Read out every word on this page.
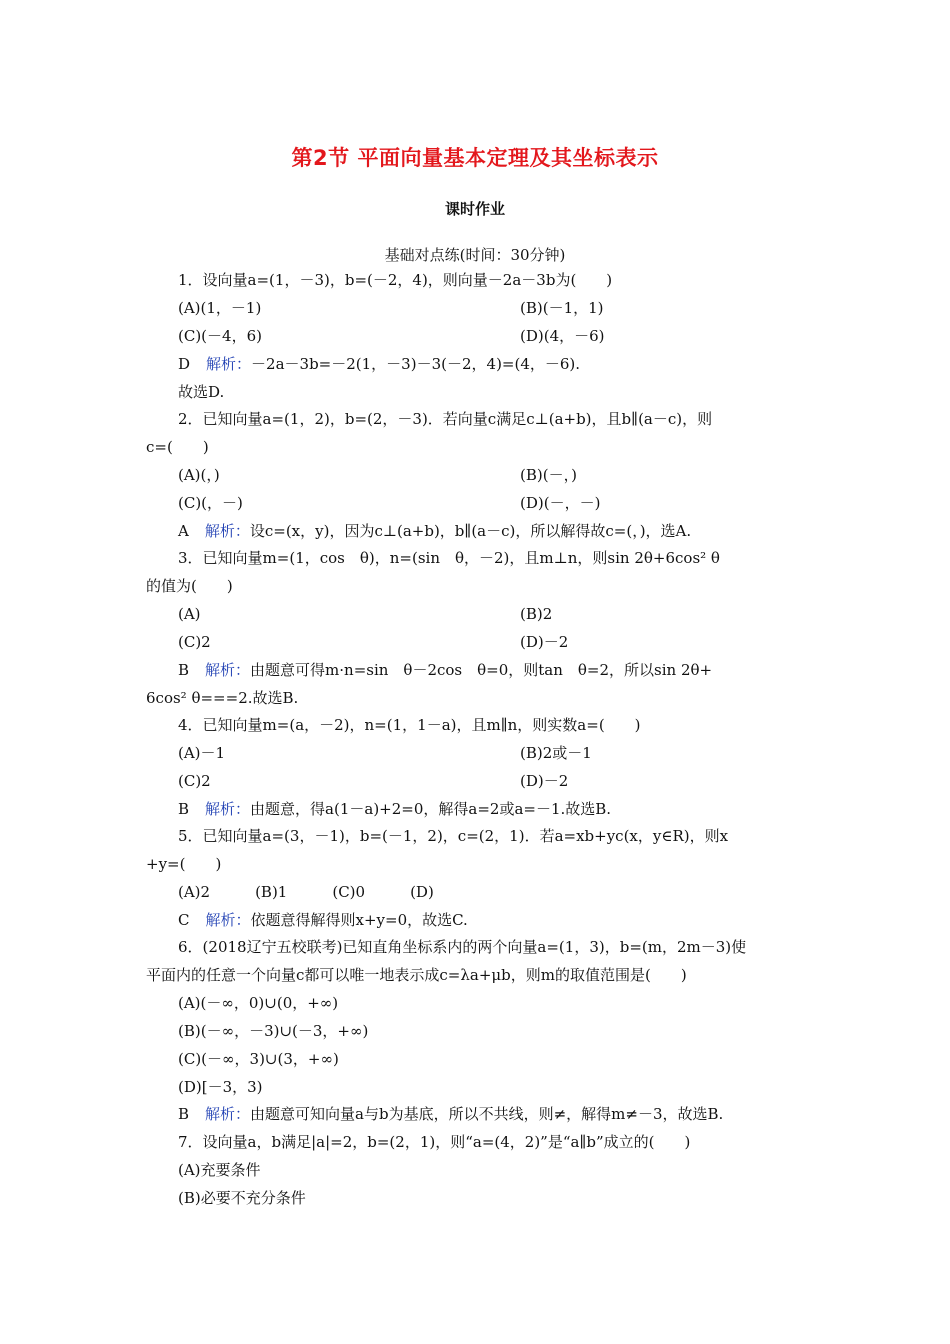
第2节 平面向量基本定理及其坐标表示
课时作业
基础对点练(时间：30分钟)
1．设向量a=(1，－3)，b=(－2，4)，则向量－2a－3b为(　　)
(A)(1，－1)	(B)(－1，1)
(C)(－4，6)	(D)(4，－6)
D 解析：－2a－3b=－2(1，－3)－3(－2，4)=(4，－6).
故选D.
2．已知向量a=(1，2)，b=(2，－3)．若向量c满足c⊥(a+b)，且b∥(a－c)，则
c=(　　)
(A)(，)	(B)(－，)
(C)(，－)	(D)(－，－)
A 解析：设c=(x，y)，因为c⊥(a+b)，b∥(a－c)，所以解得故c=(，)，选A.
3．已知向量m=(1，cos　θ)，n=(sin　θ，－2)，且m⊥n，则sin 2θ+6cos² θ
的值为(　　)
(A)	(B)2
(C)2	(D)－2
B 解析：由题意可得m·n=sin　θ－2cos　θ=0，则tan　θ=2，所以sin 2θ+
6cos² θ===2.故选B.
4．已知向量m=(a，－2)，n=(1，1－a)，且m∥n，则实数a=(　　)
(A)－1	(B)2或－1
(C)2	(D)－2
B 解析：由题意，得a(1－a)+2=0，解得a=2或a=－1.故选B.
5．已知向量a=(3，－1)，b=(－1，2)，c=(2，1)．若a=xb+yc(x，y∈R)，则x
+y=(　　)
(A)2　　　(B)1　　　(C)0　　　(D)
C 解析：依题意得解得则x+y=0，故选C.
6．(2018辽宁五校联考)已知直角坐标系内的两个向量a=(1，3)，b=(m，2m－3)使
平面内的任意一个向量c都可以唯一地表示成c=λa+μb，则m的取值范围是(　　)
(A)(－∞，0)∪(0，+∞)
(B)(－∞，－3)∪(－3，+∞)
(C)(－∞，3)∪(3，+∞)
(D)[－3，3)
B 解析：由题意可知向量a与b为基底，所以不共线，则≠，解得m≠－3，故选B.
7．设向量a，b满足|a|=2，b=(2，1)，则“a=(4，2)”是“a∥b”成立的(　　)
(A)充要条件
(B)必要不充分条件
